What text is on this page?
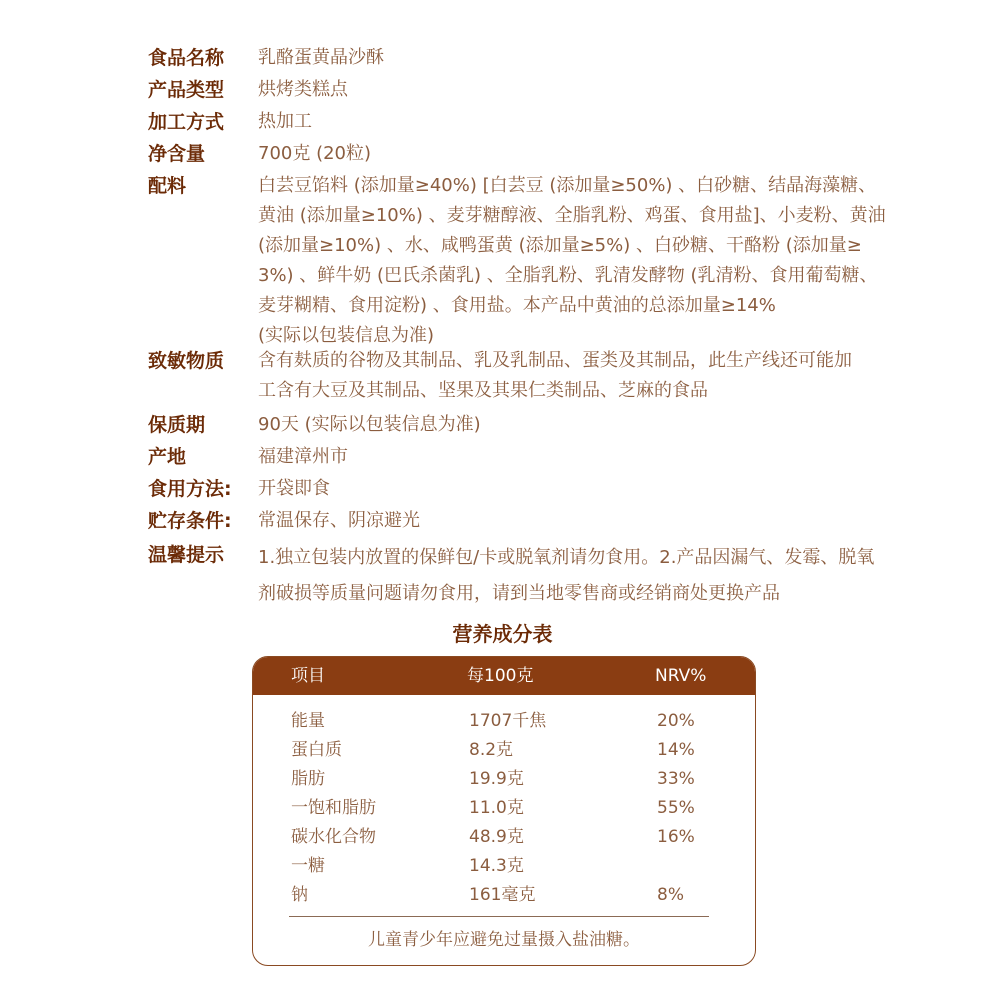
食品名称 乳酪蛋黄晶沙酥
产品类型 烘烤类糕点
加工方式 热加工
净含量	700克 (20粒)
配料	白芸豆馅料 (添加量≥40%) [白芸豆 (添加量≥50%) 、白砂糖、结晶海藻糖、
黄油 (添加量≥10%) 、麦芽糖醇液、全脂乳粉、鸡蛋、食用盐]、小麦粉、黄油
(添加量≥10%) 、水、咸鸭蛋黄 (添加量≥5%) 、白砂糖、干酪粉 (添加量≥
3%) 、鲜牛奶 (巴氏杀菌乳) 、全脂乳粉、乳清发酵物 (乳清粉、食用葡萄糖、
麦芽糊精、食用淀粉) 、食用盐。本产品中黄油的总添加量≥14%
(实际以包装信息为准)
致敏物质 含有麸质的谷物及其制品、乳及乳制品、蛋类及其制品，此生产线还可能加
工含有大豆及其制品、坚果及其果仁类制品、芝麻的食品
保质期	90天 (实际以包装信息为准)
产地	福建漳州市
食用方法: 开袋即食
贮存条件: 常温保存、阴凉避光
温馨提示 1.独立包装内放置的保鲜包/卡或脱氧剂请勿食用。2.产品因漏气、发霉、脱氧
剂破损等质量问题请勿食用，请到当地零售商或经销商处更换产品
营养成分表
项目	每100克	NRV%
能量	1707千焦	20%
蛋白质	8.2克	14%
脂肪	19.9克	33%
一饱和脂肪	11.0克	55%
碳水化合物	48.9克	16%
一糖	14.3克
钠	161毫克	8%
儿童青少年应避免过量摄入盐油糖。
